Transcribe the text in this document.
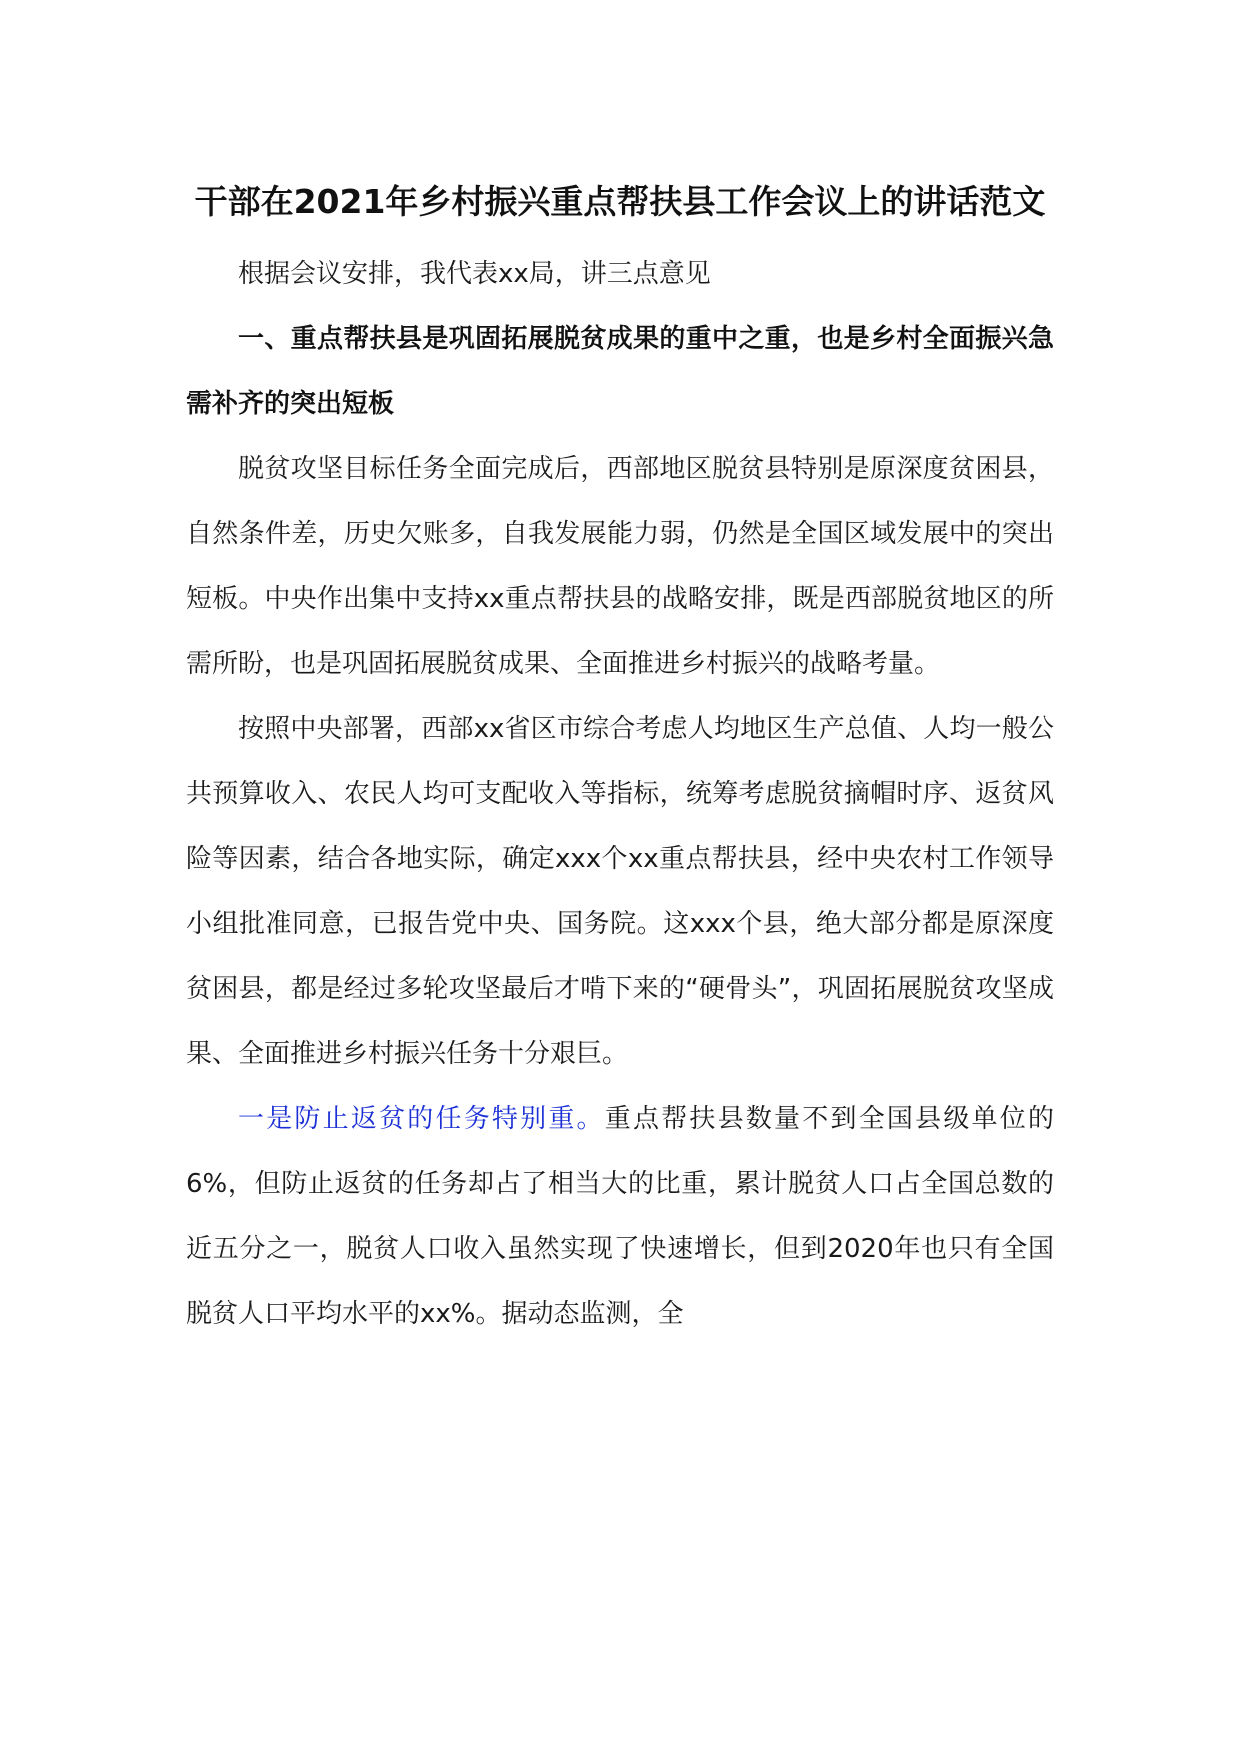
干部在2021年乡村振兴重点帮扶县工作会议上的讲话范文

根据会议安排，我代表xx局，讲三点意见

一、重点帮扶县是巩固拓展脱贫成果的重中之重，也是乡村全面振兴急需补齐的突出短板

脱贫攻坚目标任务全面完成后，西部地区脱贫县特别是原深度贫困县，自然条件差，历史欠账多，自我发展能力弱，仍然是全国区域发展中的突出短板。中央作出集中支持xx重点帮扶县的战略安排，既是西部脱贫地区的所需所盼，也是巩固拓展脱贫成果、全面推进乡村振兴的战略考量。

按照中央部署，西部xx省区市综合考虑人均地区生产总值、人均一般公共预算收入、农民人均可支配收入等指标，统筹考虑脱贫摘帽时序、返贫风险等因素，结合各地实际，确定xxx个xx重点帮扶县，经中央农村工作领导小组批准同意，已报告党中央、国务院。这xxx个县，绝大部分都是原深度贫困县，都是经过多轮攻坚最后才啃下来的“硬骨头”，巩固拓展脱贫攻坚成果、全面推进乡村振兴任务十分艰巨。

一是防止返贫的任务特别重。重点帮扶县数量不到全国县级单位的6%，但防止返贫的任务却占了相当大的比重，累计脱贫人口占全国总数的近五分之一，脱贫人口收入虽然实现了快速增长，但到2020年也只有全国脱贫人口平均水平的xx%。据动态监测，全
